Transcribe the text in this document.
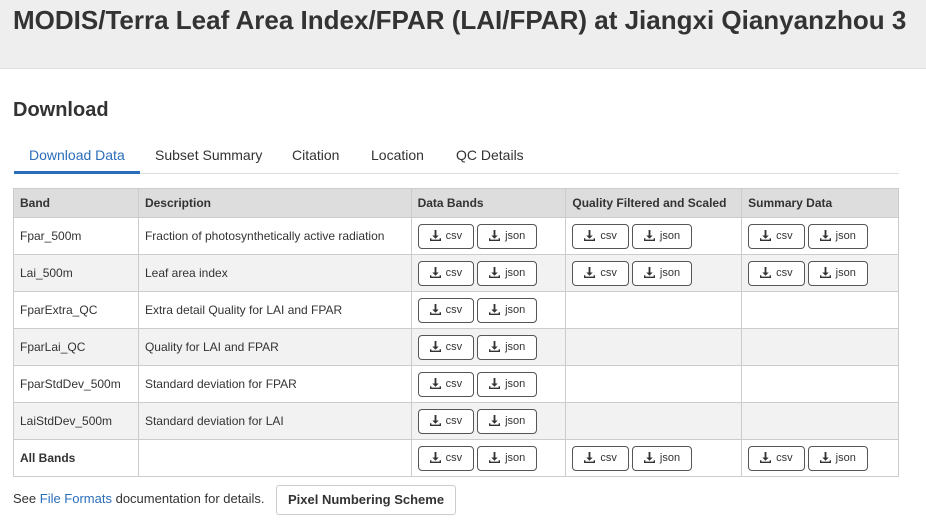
MODIS/Terra Leaf Area Index/FPAR (LAI/FPAR) at Jiangxi Qianyanzhou 3
Download
Download Data	Subset Summary	Citation	Location	QC Details
Band	Description	Data Bands	Quality Filtered and Scaled	Summary Data
Fpar_500m	Fraction of photosynthetically active radiation	csv json	csv json	csv json
Lai_500m	Leaf area index	csv json	csv json	csv json
FparExtra_QC	Extra detail Quality for LAI and FPAR	csv json		
FparLai_QC	Quality for LAI and FPAR	csv json		
FparStdDev_500m	Standard deviation for FPAR	csv json		
LaiStdDev_500m	Standard deviation for LAI	csv json		
All Bands		csv json	csv json	csv json
See File Formats documentation for details.	Pixel Numbering Scheme
